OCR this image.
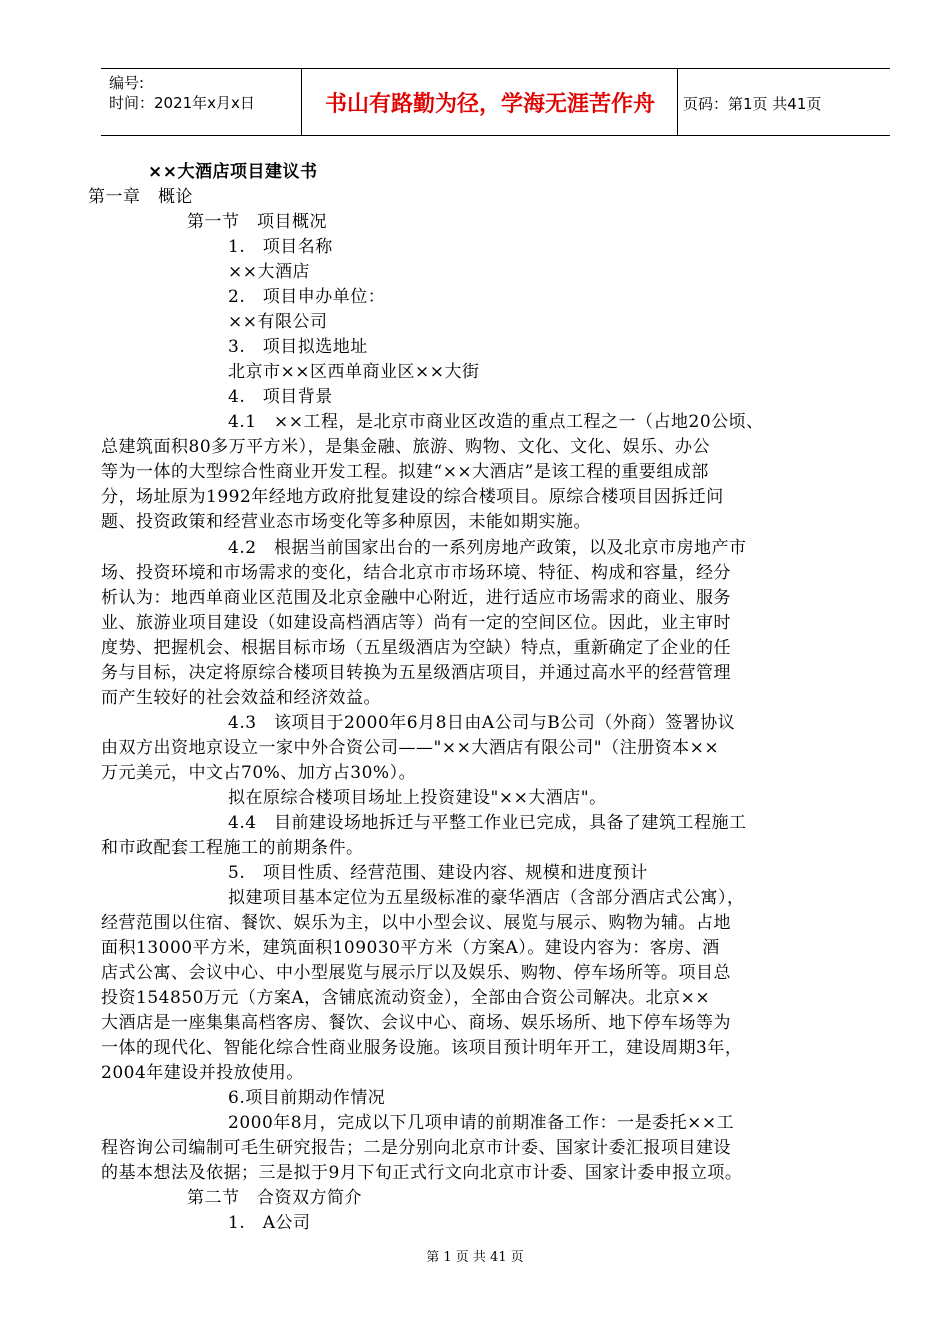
编号:
时间：2021年x月x日	书山有路勤为径，学海无涯苦作舟	页码：第1页 共41页
××大酒店项目建议书
第一章　概论
第一节　项目概况
1.　项目名称
××大酒店
2.　项目申办单位：
××有限公司
3.　项目拟选地址
北京市××区西单商业区××大街
4.　项目背景
4.1　××工程，是北京市商业区改造的重点工程之一（占地20公顷、
总建筑面积80多万平方米），是集金融、旅游、购物、文化、文化、娱乐、办公
等为一体的大型综合性商业开发工程。拟建“××大酒店”是该工程的重要组成部
分，场址原为1992年经地方政府批复建设的综合楼项目。原综合楼项目因拆迁问
题、投资政策和经营业态市场变化等多种原因，未能如期实施。
4.2　根据当前国家出台的一系列房地产政策，以及北京市房地产市
场、投资环境和市场需求的变化，结合北京市市场环境、特征、构成和容量，经分
析认为：地西单商业区范围及北京金融中心附近，进行适应市场需求的商业、服务
业、旅游业项目建设（如建设高档酒店等）尚有一定的空间区位。因此，业主审时
度势、把握机会、根据目标市场（五星级酒店为空缺）特点，重新确定了企业的任
务与目标，决定将原综合楼项目转换为五星级酒店项目，并通过高水平的经营管理
而产生较好的社会效益和经济效益。
4.3　该项目于2000年6月8日由A公司与B公司（外商）签署协议
由双方出资地京设立一家中外合资公司——"××大酒店有限公司"（注册资本××
万元美元，中文占70%、加方占30%）。
拟在原综合楼项目场址上投资建设"××大酒店"。
4.4　目前建设场地拆迁与平整工作业已完成，具备了建筑工程施工
和市政配套工程施工的前期条件。
5.　项目性质、经营范围、建设内容、规模和进度预计
拟建项目基本定位为五星级标准的豪华酒店（含部分酒店式公寓），
经营范围以住宿、餐饮、娱乐为主，以中小型会议、展览与展示、购物为辅。占地
面积13000平方米，建筑面积109030平方米（方案A）。建设内容为：客房、酒
店式公寓、会议中心、中小型展览与展示厅以及娱乐、购物、停车场所等。项目总
投资154850万元（方案A，含铺底流动资金），全部由合资公司解决。北京××
大酒店是一座集集高档客房、餐饮、会议中心、商场、娱乐场所、地下停车场等为
一体的现代化、智能化综合性商业服务设施。该项目预计明年开工，建设周期3年，
2004年建设并投放使用。
6.项目前期动作情况
2000年8月，完成以下几项申请的前期准备工作：一是委托××工
程咨询公司编制可毛生研究报告；二是分别向北京市计委、国家计委汇报项目建设
的基本想法及依据；三是拟于9月下旬正式行文向北京市计委、国家计委申报立项。
第二节　合资双方简介
1.　A公司
第 1 页 共 41 页
